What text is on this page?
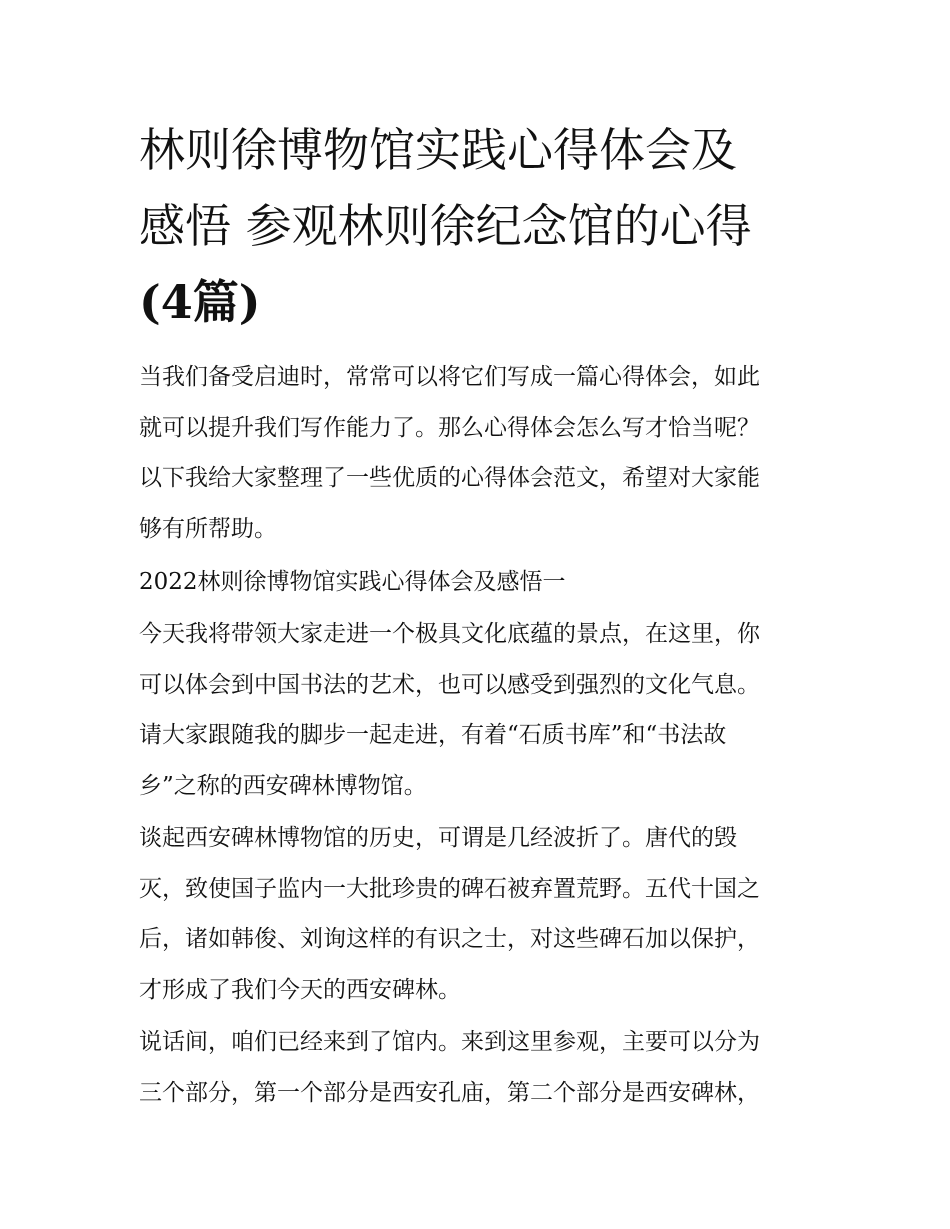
林则徐博物馆实践心得体会及
感悟 参观林则徐纪念馆的心得
(4篇)
当我们备受启迪时，常常可以将它们写成一篇心得体会，如此
就可以提升我们写作能力了。那么心得体会怎么写才恰当呢？
以下我给大家整理了一些优质的心得体会范文，希望对大家能
够有所帮助。
2022林则徐博物馆实践心得体会及感悟一
今天我将带领大家走进一个极具文化底蕴的景点，在这里，你
可以体会到中国书法的艺术，也可以感受到强烈的文化气息。
请大家跟随我的脚步一起走进，有着“石质书库”和“书法故
乡”之称的西安碑林博物馆。
谈起西安碑林博物馆的历史，可谓是几经波折了。唐代的毁
灭，致使国子监内一大批珍贵的碑石被弃置荒野。五代十国之
后，诸如韩俊、刘询这样的有识之士，对这些碑石加以保护，
才形成了我们今天的西安碑林。
说话间，咱们已经来到了馆内。来到这里参观，主要可以分为
三个部分，第一个部分是西安孔庙，第二个部分是西安碑林，
